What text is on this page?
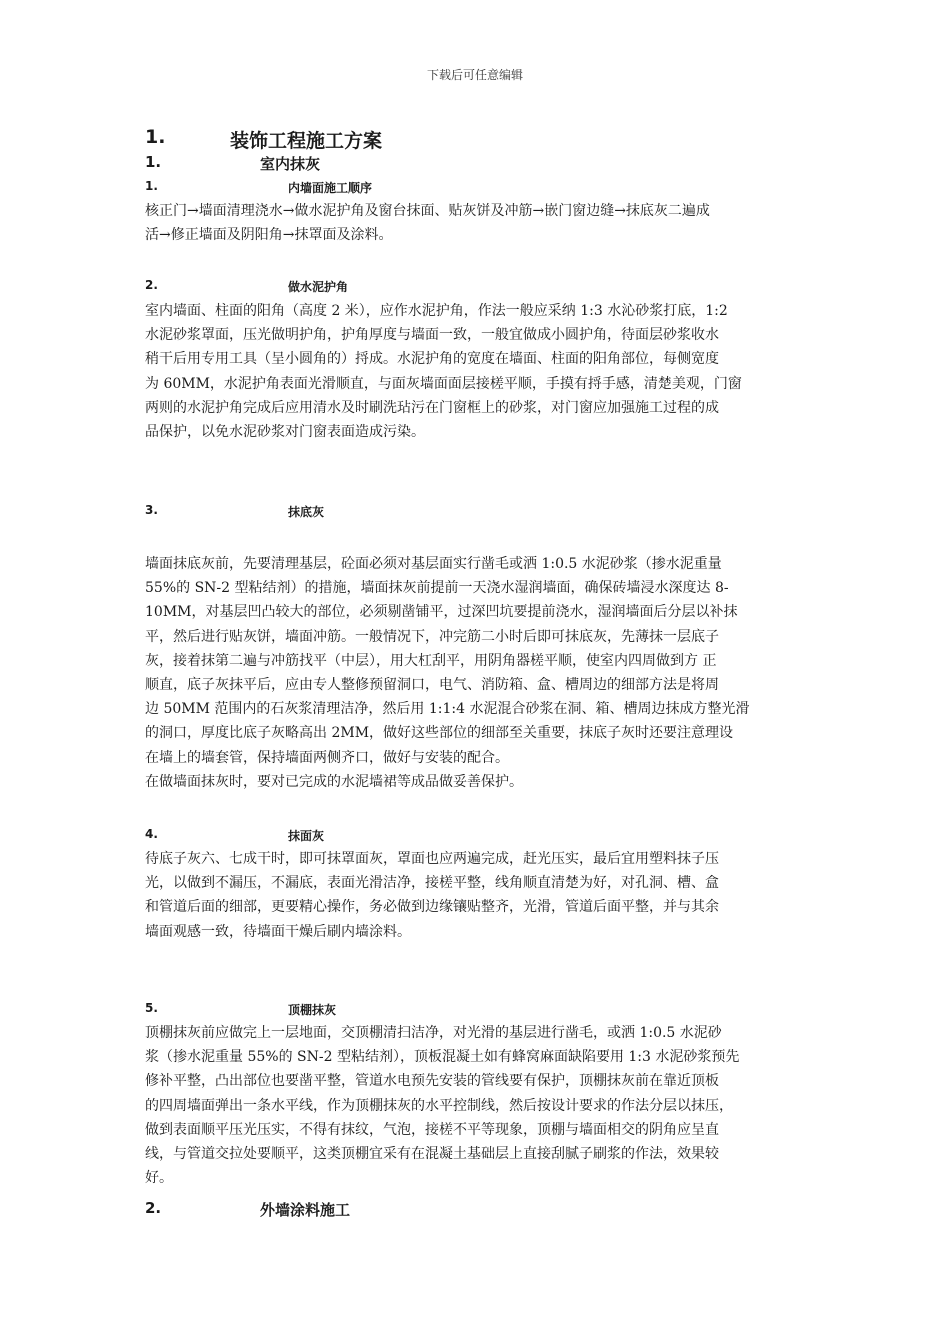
下载后可任意编辑
1.	装饰工程施工方案
1.	室内抹灰
1.	内墙面施工顺序
核正门→墙面清理浇水→做水泥护角及窗台抹面、贴灰饼及冲筋→嵌门窗边缝→抹底灰二遍成
活→修正墙面及阴阳角→抹罩面及涂料。
2.	做水泥护角
室内墙面、柱面的阳角（高度 2 米），应作水泥护角，作法一般应采纳 1:3 水沁砂浆打底，1:2
水泥砂浆罩面，压光做明护角，护角厚度与墙面一致，一般宜做成小圆护角，待面层砂浆收水
稍干后用专用工具（呈小圆角的）捋成。水泥护角的宽度在墙面、柱面的阳角部位，每侧宽度
为 60MM，水泥护角表面光滑顺直，与面灰墙面面层接槎平顺，手摸有捋手感，清楚美观，门窗
两则的水泥护角完成后应用清水及时刷洗玷污在门窗框上的砂浆，对门窗应加强施工过程的成
品保护，以免水泥砂浆对门窗表面造成污染。
3.	抹底灰
墙面抹底灰前，先要清理基层，砼面必须对基层面实行凿毛或洒 1:0.5 水泥砂浆（掺水泥重量
55%的 SN-2 型粘结剂）的措施，墙面抹灰前提前一天浇水湿润墙面，确保砖墙浸水深度达 8-
10MM，对基层凹凸较大的部位，必须剔凿铺平，过深凹坑要提前浇水，湿润墙面后分层以补抹
平，然后进行贴灰饼，墙面冲筋。一般情况下，冲完筋二小时后即可抹底灰，先薄抹一层底子
灰，接着抹第二遍与冲筋找平（中层），用大杠刮平，用阴角器槎平顺，使室内四周做到方 正
顺直，底子灰抹平后，应由专人整修预留洞口，电气、消防箱、盒、槽周边的细部方法是将周
边 50MM 范围内的石灰浆清理洁净，然后用 1:1:4 水泥混合砂浆在洞、箱、槽周边抹成方整光滑
的洞口，厚度比底子灰略高出 2MM，做好这些部位的细部至关重要，抹底子灰时还要注意理设
在墙上的墙套管，保持墙面两侧齐口，做好与安装的配合。
在做墙面抹灰时，要对已完成的水泥墙裙等成品做妥善保护。
4.	抹面灰
待底子灰六、七成干时，即可抹罩面灰，罩面也应两遍完成，赶光压实，最后宜用塑料抹子压
光，以做到不漏压，不漏底，表面光滑洁净，接槎平整，线角顺直清楚为好，对孔洞、槽、盒
和管道后面的细部，更要精心操作，务必做到边缘镶贴整齐，光滑，管道后面平整，并与其余
墙面观感一致，待墙面干燥后刷内墙涂料。
5.	顶棚抹灰
顶棚抹灰前应做完上一层地面，交顶棚清扫洁净，对光滑的基层进行凿毛，或洒 1:0.5 水泥砂
浆（掺水泥重量 55%的 SN-2 型粘结剂），顶板混凝土如有蜂窝麻面缺陷要用 1:3 水泥砂浆预先
修补平整，凸出部位也要凿平整，管道水电预先安装的管线要有保护，顶棚抹灰前在靠近顶板
的四周墙面弹出一条水平线，作为顶棚抹灰的水平控制线，然后按设计要求的作法分层以抹压，
做到表面顺平压光压实，不得有抹纹，气泡，接槎不平等现象，顶棚与墙面相交的阴角应呈直
线，与管道交拉处要顺平，这类顶棚宜采有在混凝土基础层上直接刮腻子刷浆的作法，效果较
好。
2.	外墙涂料施工
